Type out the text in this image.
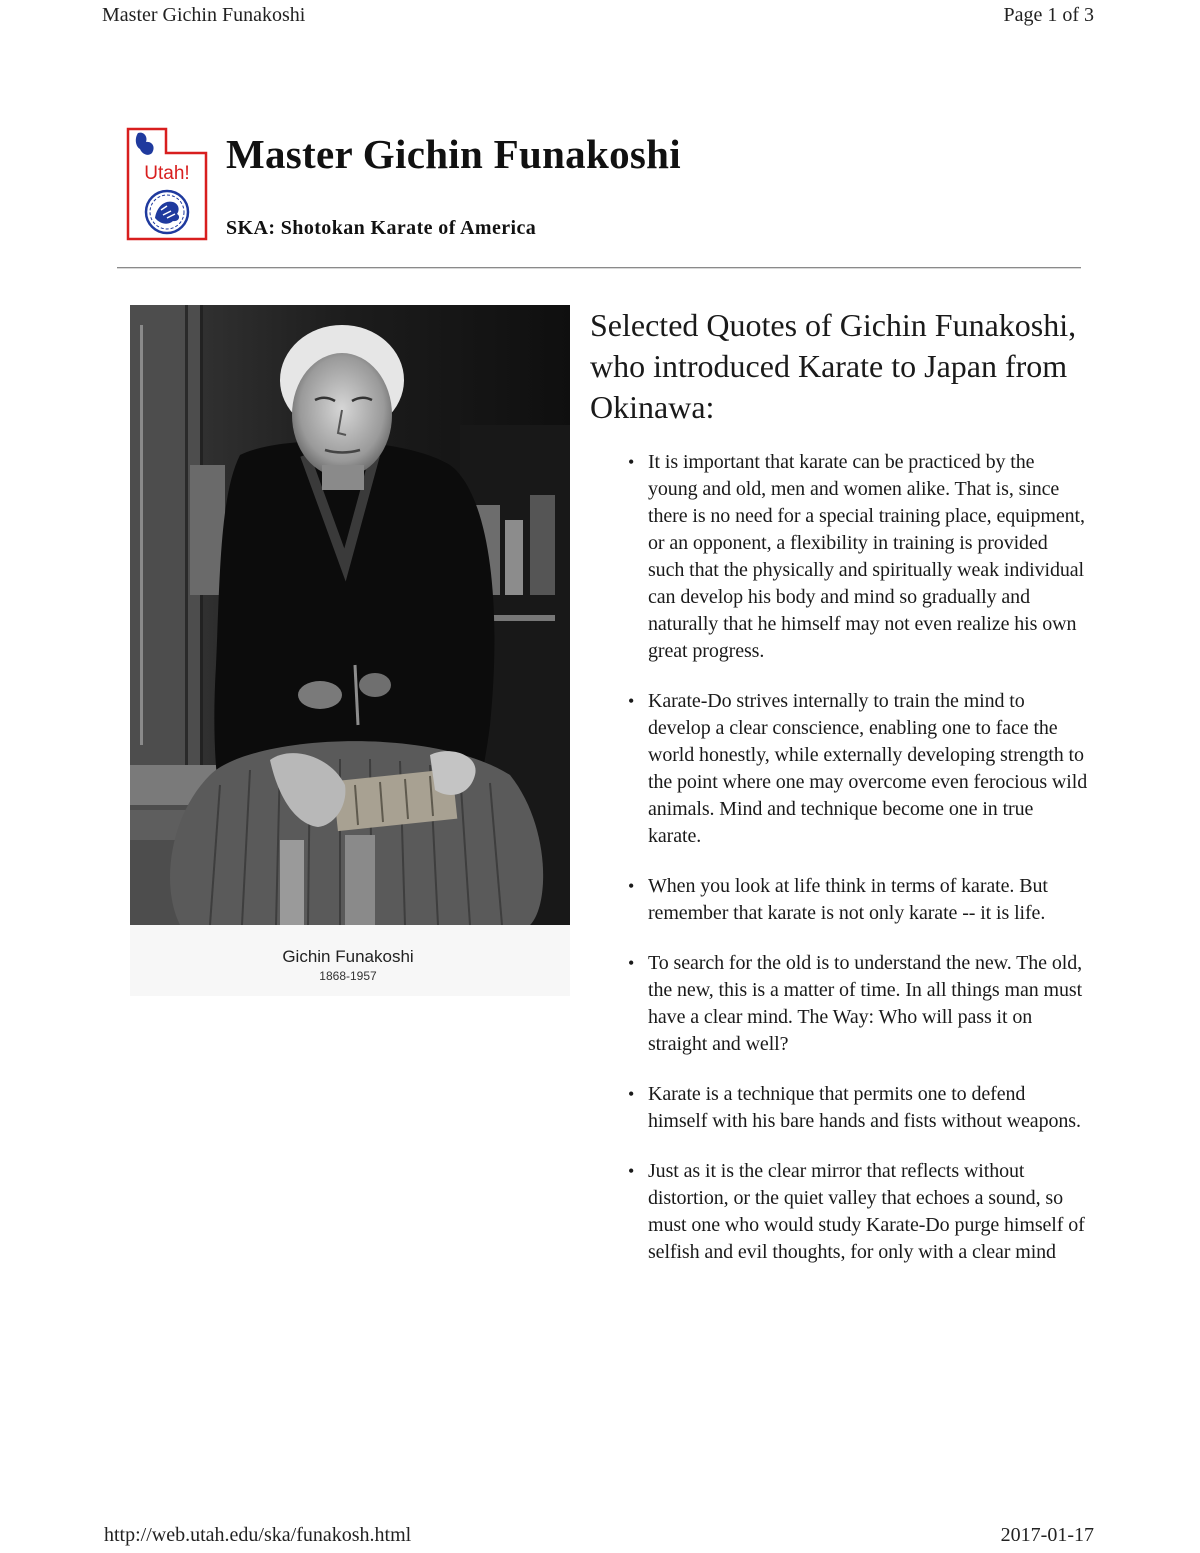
Master Gichin Funakoshi	Page 1 of 3
Utah! Master Gichin Funakoshi
SKA: Shotokan Karate of America
Gichin Funakoshi
1868-1957
Selected Quotes of Gichin Funakoshi, who introduced Karate to Japan from Okinawa:
• It is important that karate can be practiced by the young and old, men and women alike. That is, since there is no need for a special training place, equipment, or an opponent, a flexibility in training is provided such that the physically and spiritually weak individual can develop his body and mind so gradually and naturally that he himself may not even realize his own great progress.
• Karate-Do strives internally to train the mind to develop a clear conscience, enabling one to face the world honestly, while externally developing strength to the point where one may overcome even ferocious wild animals. Mind and technique become one in true karate.
• When you look at life think in terms of karate. But remember that karate is not only karate -- it is life.
• To search for the old is to understand the new. The old, the new, this is a matter of time. In all things man must have a clear mind. The Way: Who will pass it on straight and well?
• Karate is a technique that permits one to defend himself with his bare hands and fists without weapons.
• Just as it is the clear mirror that reflects without distortion, or the quiet valley that echoes a sound, so must one who would study Karate-Do purge himself of selfish and evil thoughts, for only with a clear mind
http://web.utah.edu/ska/funakosh.html	2017-01-17
